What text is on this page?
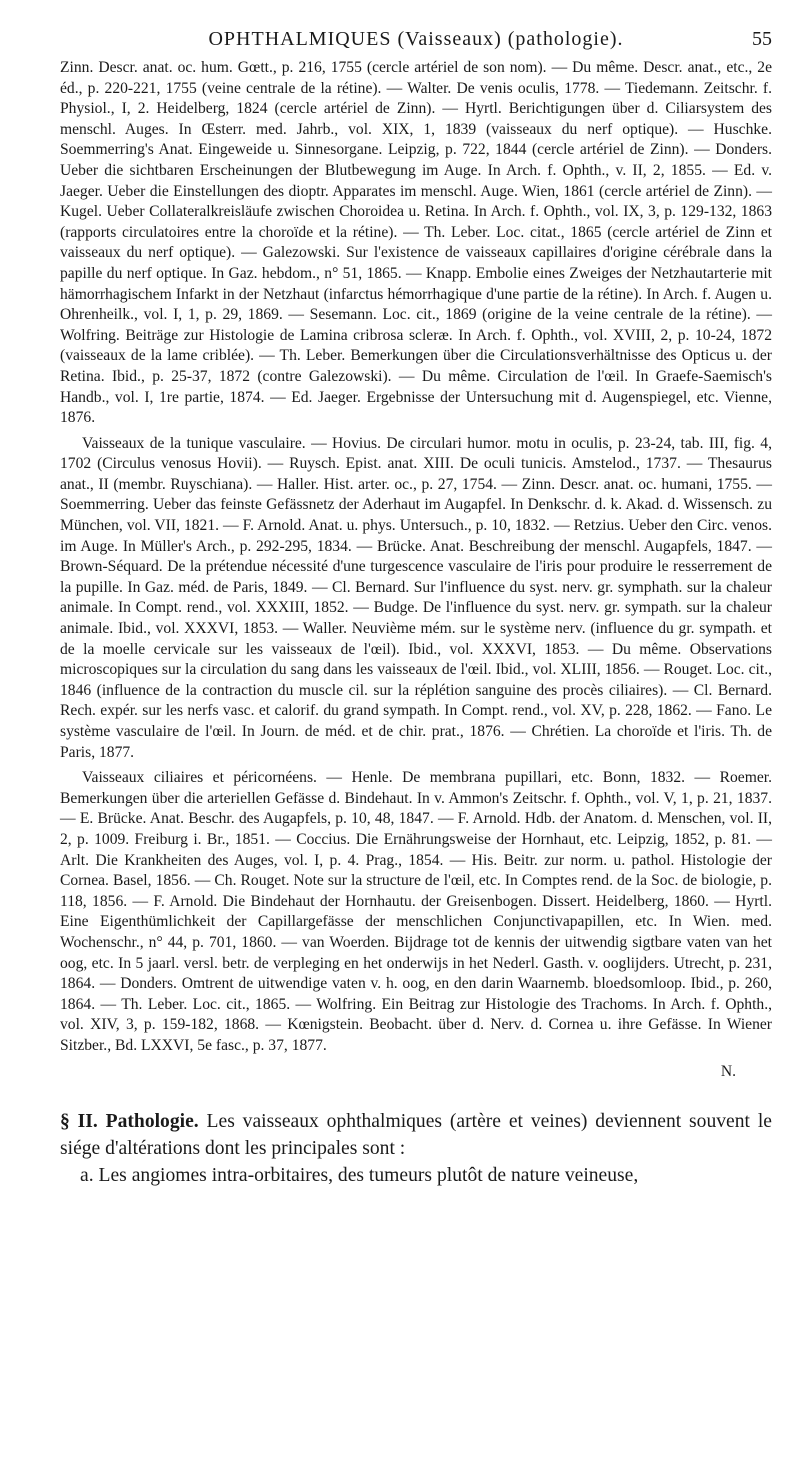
OPHTHALMIQUES (Vaisseaux) (pathologie).	55

Zinn. Descr. anat. oc. hum. Gœtt., p. 216, 1755 (cercle artériel de son nom). — Du même. Descr. anat., etc., 2e éd., p. 220-221, 1755 (veine centrale de la rétine). — Walter. De venis oculis, 1778. — Tiedemann. Zeitschr. f. Physiol., I, 2. Heidelberg, 1824 (cercle artériel de Zinn). — Hyrtl. Berichtigungen über d. Ciliarsystem des menschl. Auges. In Œsterr. med. Jahrb., vol. XIX, 1, 1839 (vaisseaux du nerf optique). — Huschke. Soemmerring's Anat. Eingeweide u. Sinnesorgane. Leipzig, p. 722, 1844 (cercle artériel de Zinn). — Donders. Ueber die sichtbaren Erscheinungen der Blutbewegung im Auge. In Arch. f. Ophth., v. II, 2, 1855. — Ed. v. Jaeger. Ueber die Einstellungen des dioptr. Apparates im menschl. Auge. Wien, 1861 (cercle artériel de Zinn). — Kugel. Ueber Collateralkreisläufe zwischen Choroidea u. Retina. In Arch. f. Ophth., vol. IX, 3, p. 129-132, 1863 (rapports circulatoires entre la choroïde et la rétine). — Th. Leber. Loc. citat., 1865 (cercle artériel de Zinn et vaisseaux du nerf optique). — Galezowski. Sur l'existence de vaisseaux capillaires d'origine cérébrale dans la papille du nerf optique. In Gaz. hebdom., n° 51, 1865. — Knapp. Embolie eines Zweiges der Netzhautarterie mit hämorrhagischem Infarkt in der Netzhaut (infarctus hémorrhagique d'une partie de la rétine). In Arch. f. Augen u. Ohrenheilk., vol. I, 1, p. 29, 1869. — Sesemann. Loc. cit., 1869 (origine de la veine centrale de la rétine). — Wolfring. Beiträge zur Histologie de Lamina cribrosa scleræ. In Arch. f. Ophth., vol. XVIII, 2, p. 10-24, 1872 (vaisseaux de la lame criblée). — Th. Leber. Bemerkungen über die Circulationsverhältnisse des Opticus u. der Retina. Ibid., p. 25-37, 1872 (contre Galezowski). — Du même. Circulation de l'œil. In Graefe-Saemisch's Handb., vol. I, 1re partie, 1874. — Ed. Jaeger. Ergebnisse der Untersuchung mit d. Augenspiegel, etc. Vienne, 1876.

Vaisseaux de la tunique vasculaire. — Hovius. De circulari humor. motu in oculis, p. 23-24, tab. III, fig. 4, 1702 (Circulus venosus Hovii). — Ruysch. Epist. anat. XIII. De oculi tunicis. Amstelod., 1737. — Thesaurus anat., II (membr. Ruyschiana). — Haller. Hist. arter. oc., p. 27, 1754. — Zinn. Descr. anat. oc. humani, 1755. — Soemmerring. Ueber das feinste Gefässnetz der Aderhaut im Augapfel. In Denkschr. d. k. Akad. d. Wissensch. zu München, vol. VII, 1821. — F. Arnold. Anat. u. phys. Untersuch., p. 10, 1832. — Retzius. Ueber den Circ. venos. im Auge. In Müller's Arch., p. 292-295, 1834. — Brücke. Anat. Beschreibung der menschl. Augapfels, 1847. — Brown-Séquard. De la prétendue nécessité d'une turgescence vasculaire de l'iris pour produire le resserrement de la pupille. In Gaz. méd. de Paris, 1849. — Cl. Bernard. Sur l'influence du syst. nerv. gr. symphath. sur la chaleur animale. In Compt. rend., vol. XXXIII, 1852. — Budge. De l'influence du syst. nerv. gr. sympath. sur la chaleur animale. Ibid., vol. XXXVI, 1853. — Waller. Neuvième mém. sur le système nerv. (influence du gr. sympath. et de la moelle cervicale sur les vaisseaux de l'œil). Ibid., vol. XXXVI, 1853. — Du même. Observations microscopiques sur la circulation du sang dans les vaisseaux de l'œil. Ibid., vol. XLIII, 1856. — Rouget. Loc. cit., 1846 (influence de la contraction du muscle cil. sur la réplétion sanguine des procès ciliaires). — Cl. Bernard. Rech. expér. sur les nerfs vasc. et calorif. du grand sympath. In Compt. rend., vol. XV, p. 228, 1862. — Fano. Le système vasculaire de l'œil. In Journ. de méd. et de chir. prat., 1876. — Chrétien. La choroïde et l'iris. Th. de Paris, 1877.

Vaisseaux ciliaires et péricornéens. — Henle. De membrana pupillari, etc. Bonn, 1832. — Roemer. Bemerkungen über die arteriellen Gefässe d. Bindehaut. In v. Ammon's Zeitschr. f. Ophth., vol. V, 1, p. 21, 1837. — E. Brücke. Anat. Beschr. des Augapfels, p. 10, 48, 1847. — F. Arnold. Hdb. der Anatom. d. Menschen, vol. II, 2, p. 1009. Freiburg i. Br., 1851. — Coccius. Die Ernährungsweise der Hornhaut, etc. Leipzig, 1852, p. 81. — Arlt. Die Krankheiten des Auges, vol. I, p. 4. Prag., 1854. — His. Beitr. zur norm. u. pathol. Histologie der Cornea. Basel, 1856. — Ch. Rouget. Note sur la structure de l'œil, etc. In Comptes rend. de la Soc. de biologie, p. 118, 1856. — F. Arnold. Die Bindehaut der Hornhautu. der Greisenbogen. Dissert. Heidelberg, 1860. — Hyrtl. Eine Eigenthümlichkeit der Capillargefässe der menschlichen Conjunctivapapillen, etc. In Wien. med. Wochenschr., n° 44, p. 701, 1860. — van Woerden. Bijdrage tot de kennis der uitwendig sigtbare vaten van het oog, etc. In 5 jaarl. versl. betr. de verpleging en het onderwijs in het Nederl. Gasth. v. ooglijders. Utrecht, p. 231, 1864. — Donders. Omtrent de uitwendige vaten v. h. oog, en den darin Waarnemb. bloedsomloop. Ibid., p. 260, 1864. — Th. Leber. Loc. cit., 1865. — Wolfring. Ein Beitrag zur Histologie des Trachoms. In Arch. f. Ophth., vol. XIV, 3, p. 159-182, 1868. — Kœnigstein. Beobacht. über d. Nerv. d. Cornea u. ihre Gefässe. In Wiener Sitzber., Bd. LXXVI, 5e fasc., p. 37, 1877.

N.

§ II. Pathologie. Les vaisseaux ophthalmiques (artère et veines) deviennent souvent le siége d'altérations dont les principales sont :

a. Les angiomes intra-orbitaires, des tumeurs plutôt de nature veineuse,
